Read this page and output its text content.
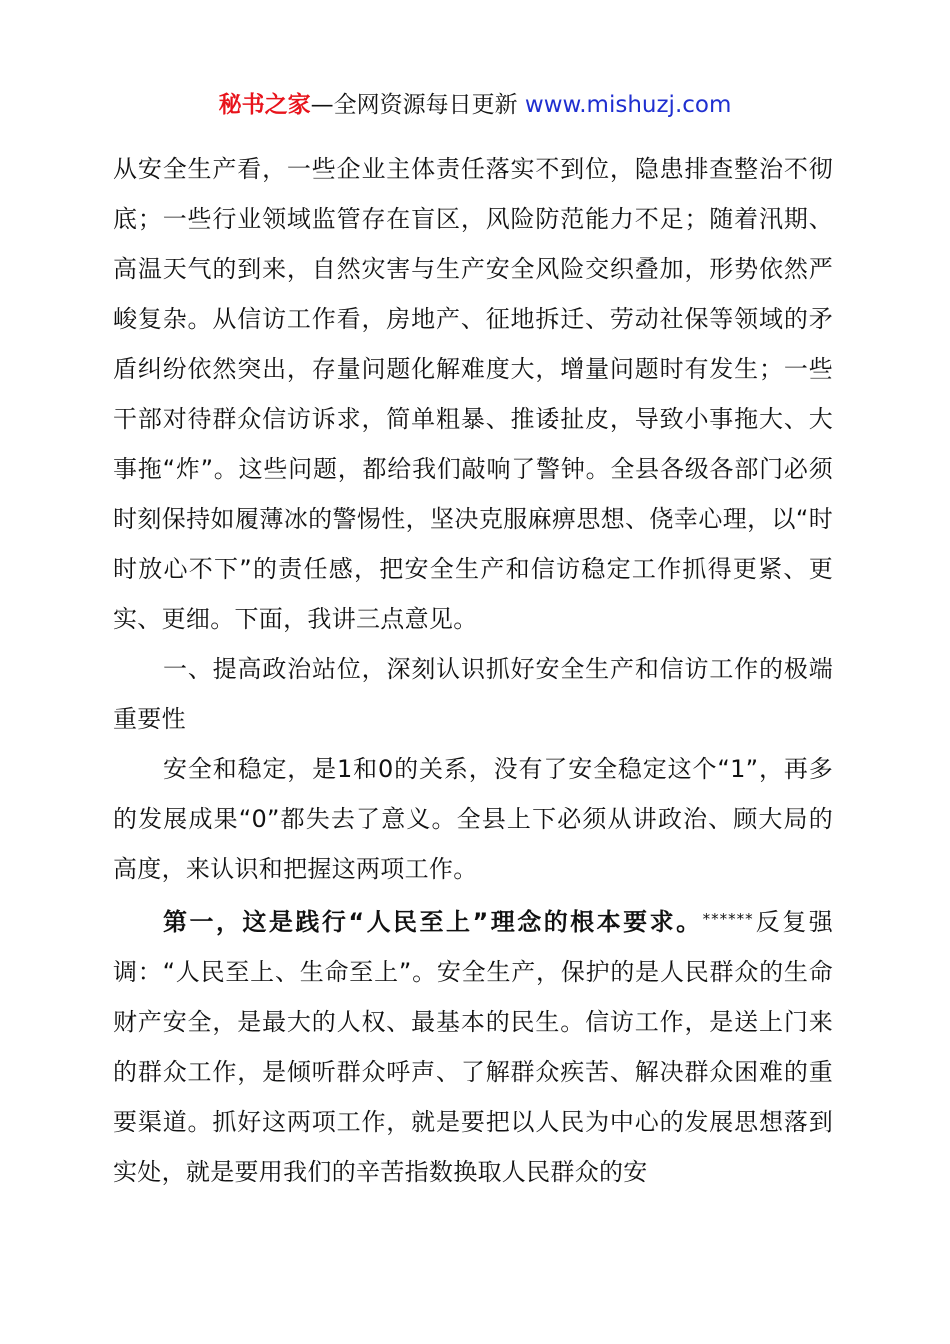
秘书之家—全网资源每日更新 www.mishuzj.com

从安全生产看，一些企业主体责任落实不到位，隐患排查整治不彻底；一些行业领域监管存在盲区，风险防范能力不足；随着汛期、高温天气的到来，自然灾害与生产安全风险交织叠加，形势依然严峻复杂。从信访工作看，房地产、征地拆迁、劳动社保等领域的矛盾纠纷依然突出，存量问题化解难度大，增量问题时有发生；一些干部对待群众信访诉求，简单粗暴、推诿扯皮，导致小事拖大、大事拖“炸”。这些问题，都给我们敲响了警钟。全县各级各部门必须时刻保持如履薄冰的警惕性，坚决克服麻痹思想、侥幸心理，以“时时放心不下”的责任感，把安全生产和信访稳定工作抓得更紧、更实、更细。下面，我讲三点意见。

一、提高政治站位，深刻认识抓好安全生产和信访工作的极端重要性

安全和稳定，是1和0的关系，没有了安全稳定这个“1”，再多的发展成果“0”都失去了意义。全县上下必须从讲政治、顾大局的高度，来认识和把握这两项工作。

第一，这是践行“人民至上”理念的根本要求。******反复强调：“人民至上、生命至上”。安全生产，保护的是人民群众的生命财产安全，是最大的人权、最基本的民生。信访工作，是送上门来的群众工作，是倾听群众呼声、了解群众疾苦、解决群众困难的重要渠道。抓好这两项工作，就是要把以人民为中心的发展思想落到实处，就是要用我们的辛苦指数换取人民群众的安
